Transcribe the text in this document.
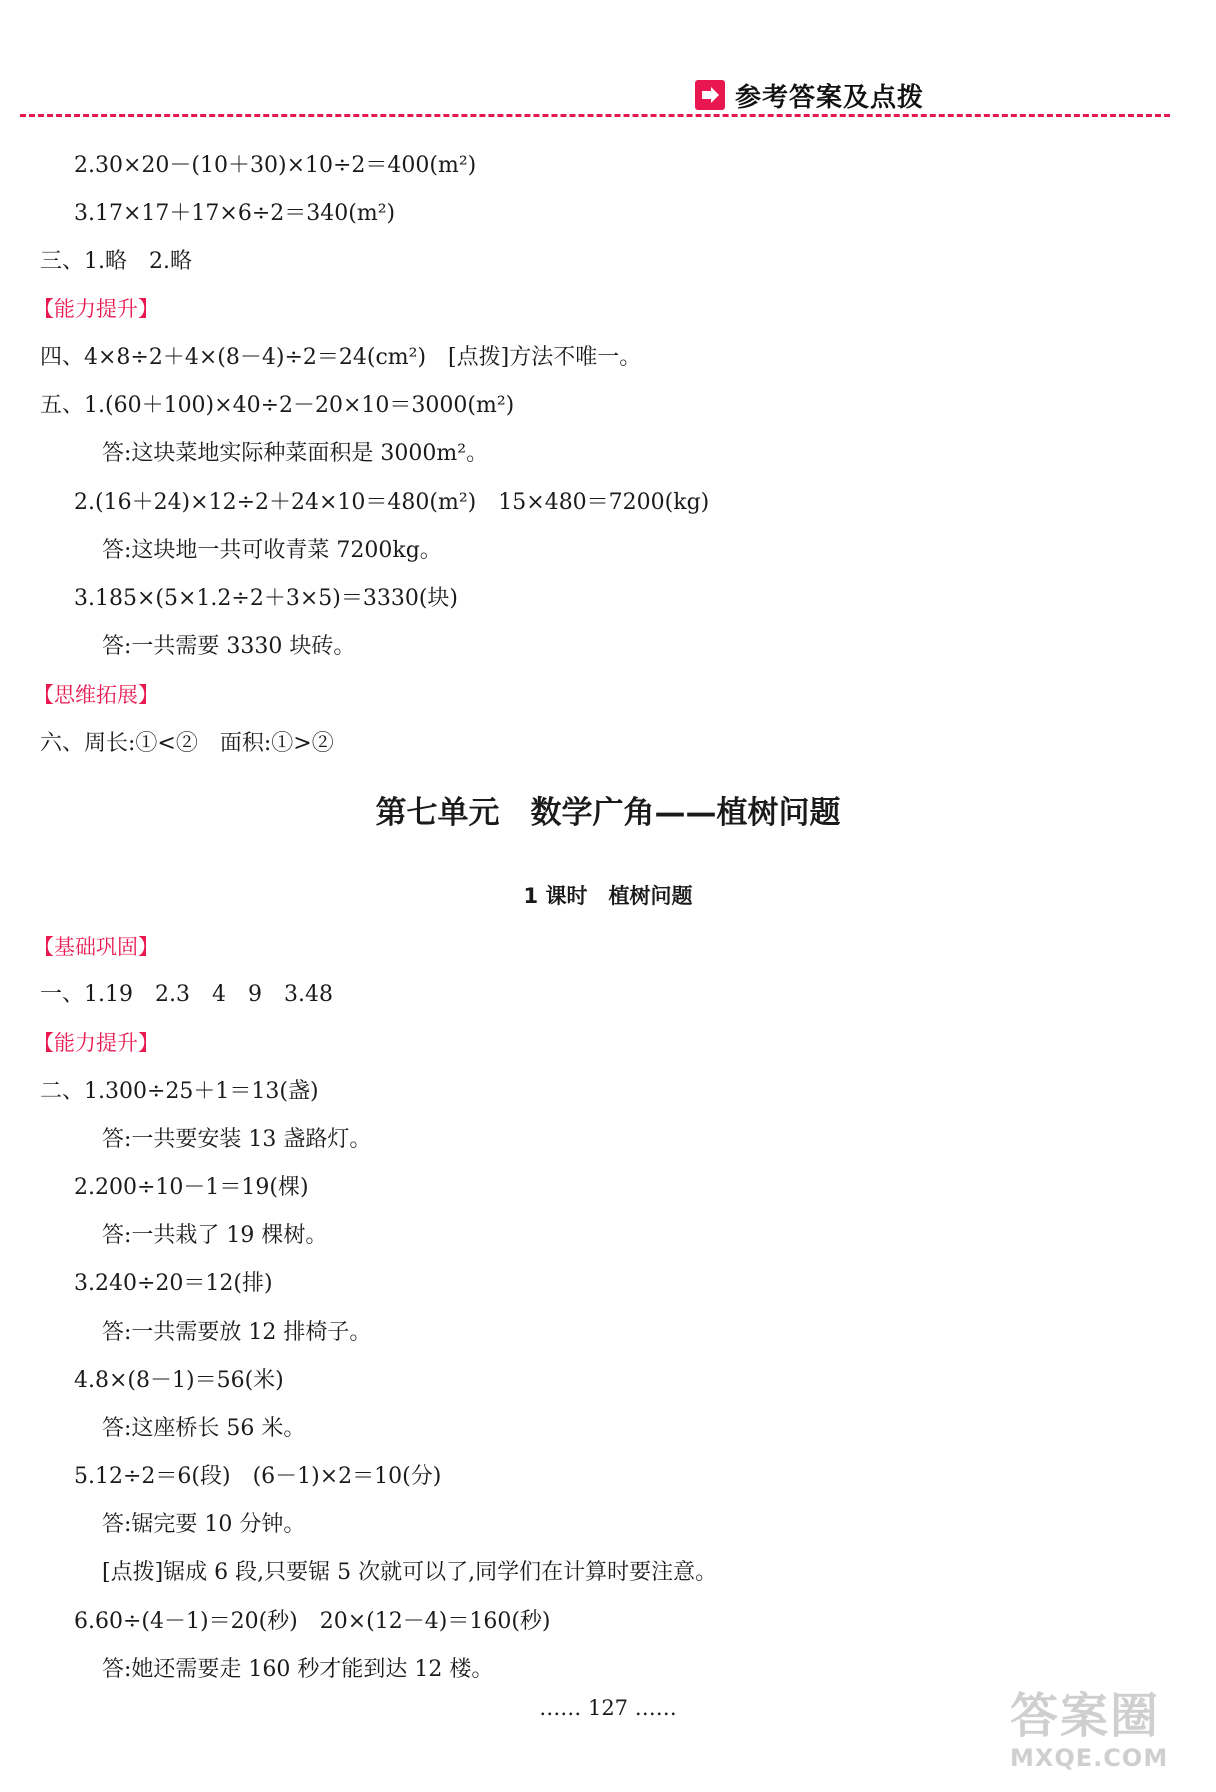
参考答案及点拨
2.30×20－(10＋30)×10÷2＝400(m²)
3.17×17＋17×6÷2＝340(m²)
三、1.略　2.略
【能力提升】
四、4×8÷2＋4×(8－4)÷2＝24(cm²)　[点拨]方法不唯一。
五、1.(60＋100)×40÷2－20×10＝3000(m²)
答:这块菜地实际种菜面积是 3000m²。
2.(16＋24)×12÷2＋24×10＝480(m²)　15×480＝7200(kg)
答:这块地一共可收青菜 7200kg。
3.185×(5×1.2÷2＋3×5)＝3330(块)
答:一共需要 3330 块砖。
【思维拓展】
六、周长:①<②　面积:①>②
第七单元　数学广角——植树问题
1 课时　植树问题
【基础巩固】
一、1.19　2.3　4　9　3.48
【能力提升】
二、1.300÷25＋1＝13(盏)
答:一共要安装 13 盏路灯。
2.200÷10－1＝19(棵)
答:一共栽了 19 棵树。
3.240÷20＝12(排)
答:一共需要放 12 排椅子。
4.8×(8－1)＝56(米)
答:这座桥长 56 米。
5.12÷2＝6(段)　(6－1)×2＝10(分)
答:锯完要 10 分钟。
[点拨]锯成 6 段,只要锯 5 次就可以了,同学们在计算时要注意。
6.60÷(4－1)＝20(秒)　20×(12－4)＝160(秒)
答:她还需要走 160 秒才能到达 12 楼。
…… 127 ……	答案圈
MXQE.COM
